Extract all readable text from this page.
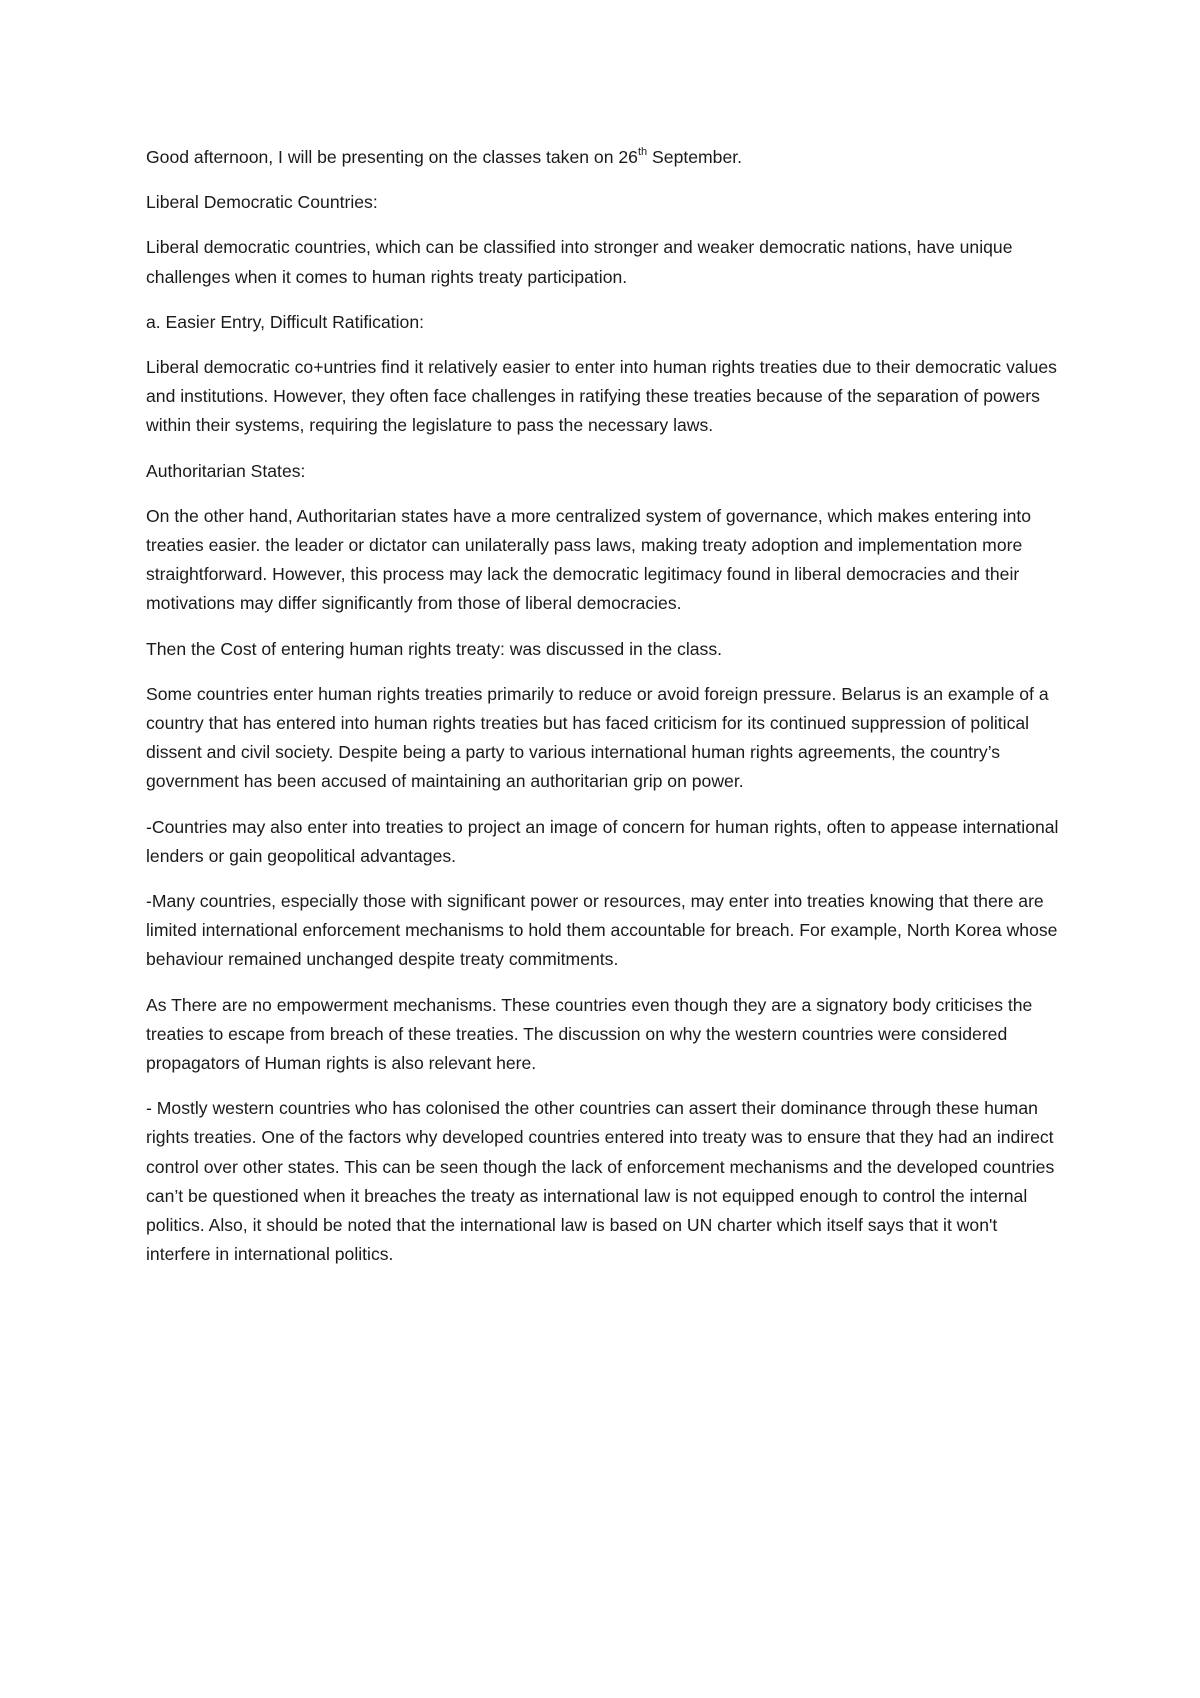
Good afternoon, I will be presenting on the classes taken on 26th September.

Liberal Democratic Countries:

Liberal democratic countries, which can be classified into stronger and weaker democratic nations, have unique challenges when it comes to human rights treaty participation.

a. Easier Entry, Difficult Ratification:

Liberal democratic co+untries find it relatively easier to enter into human rights treaties due to their democratic values and institutions. However, they often face challenges in ratifying these treaties because of the separation of powers within their systems, requiring the legislature to pass the necessary laws.

Authoritarian States:

On the other hand, Authoritarian states have a more centralized system of governance, which makes entering into treaties easier. the leader or dictator can unilaterally pass laws, making treaty adoption and implementation more straightforward. However, this process may lack the democratic legitimacy found in liberal democracies and their motivations may differ significantly from those of liberal democracies.

Then the Cost of entering human rights treaty: was discussed in the class.

Some countries enter human rights treaties primarily to reduce or avoid foreign pressure. Belarus is an example of a country that has entered into human rights treaties but has faced criticism for its continued suppression of political dissent and civil society. Despite being a party to various international human rights agreements, the country’s government has been accused of maintaining an authoritarian grip on power.

-Countries may also enter into treaties to project an image of concern for human rights, often to appease international lenders or gain geopolitical advantages.

-Many countries, especially those with significant power or resources, may enter into treaties knowing that there are limited international enforcement mechanisms to hold them accountable for breach. For example, North Korea whose behaviour remained unchanged despite treaty commitments.

As There are no empowerment mechanisms. These countries even though they are a signatory body criticises the treaties to escape from breach of these treaties. The discussion on why the western countries were considered propagators of Human rights is also relevant here.

- Mostly western countries who has colonised the other countries can assert their dominance through these human rights treaties. One of the factors why developed countries entered into treaty was to ensure that they had an indirect control over other states. This can be seen though the lack of enforcement mechanisms and the developed countries can’t be questioned when it breaches the treaty as international law is not equipped enough to control the internal politics. Also, it should be noted that the international law is based on UN charter which itself says that it won't interfere in international politics.
